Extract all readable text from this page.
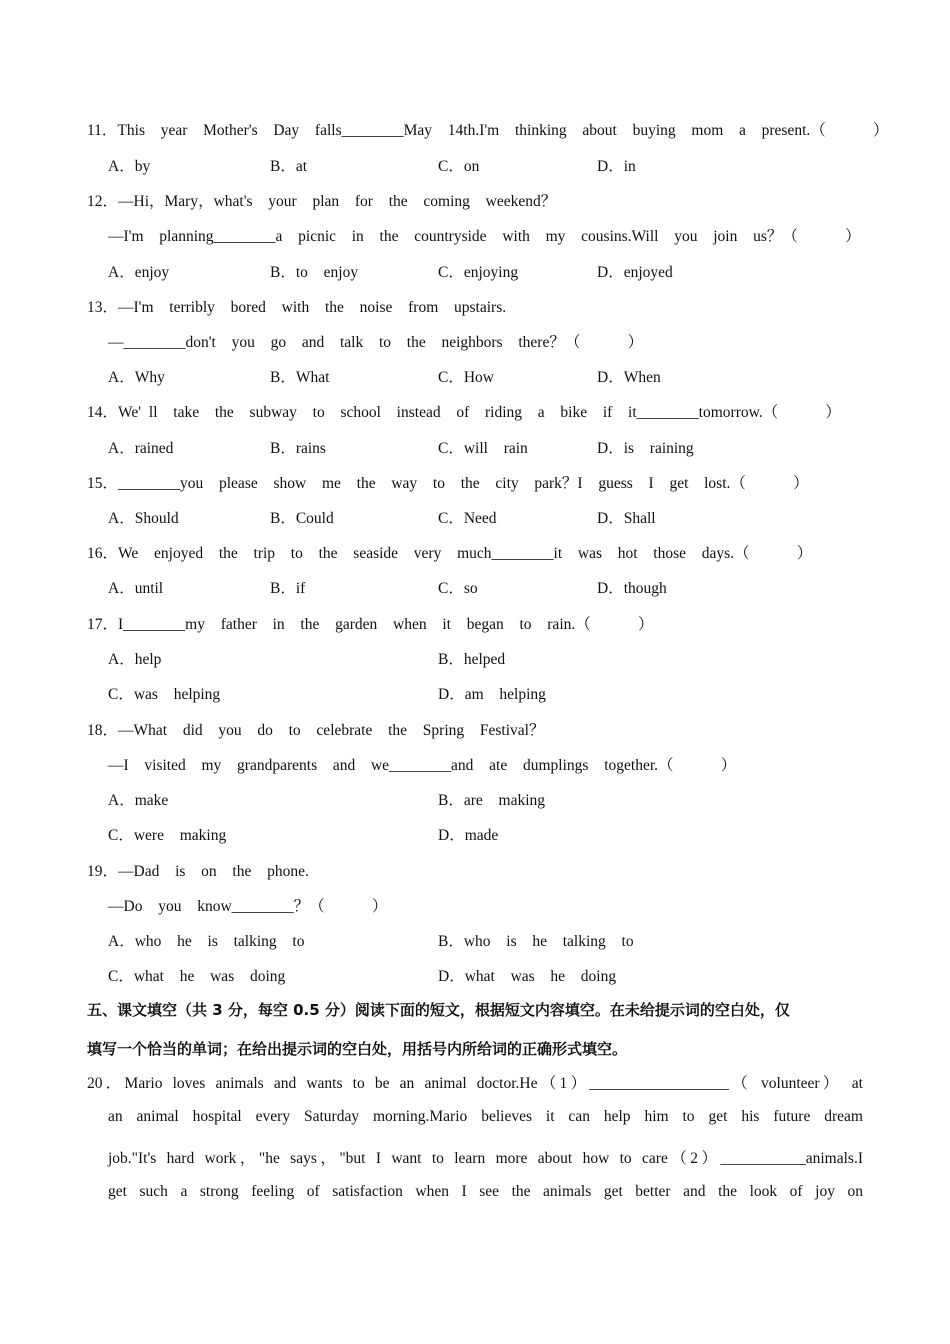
11．This  year  Mother's  Day  falls________May  14th.I'm  thinking  about  buying  mom  a  present.（      ）
A．by	B．at	C．on	D．in
12．—Hi，Mary，what's  your  plan  for  the  coming  weekend？
—I'm  planning________a  picnic  in  the  countryside  with  my  cousins.Will  you  join  us？（      ）
A．enjoy	B．to  enjoy	C．enjoying	D．enjoyed
13．—I'm  terribly  bored  with  the  noise  from  upstairs.
—________don't  you  go  and  talk  to  the  neighbors  there？（      ）
A．Why	B．What	C．How	D．When
14．We' ll  take  the  subway  to  school  instead  of  riding  a  bike  if  it________tomorrow.（      ）
A．rained	B．rains	C．will  rain	D．is  raining
15．________you  please  show  me  the  way  to  the  city  park？I  guess  I  get  lost.（      ）
A．Should	B．Could	C．Need	D．Shall
16．We  enjoyed  the  trip  to  the  seaside  very  much________it  was  hot  those  days.（      ）
A．until	B．if	C．so	D．though
17．I________my  father  in  the  garden  when  it  began  to  rain.（      ）
A．help	B．helped
C．was  helping	D．am  helping
18．—What  did  you  do  to  celebrate  the  Spring  Festival？
—I  visited  my  grandparents  and  we________and  ate  dumplings  together.（      ）
A．make	B．are  making
C．were  making	D．made
19．—Dad  is  on  the  phone.
—Do  you  know________？（      ）
A．who  he  is  talking  to	B．who  is  he  talking  to
C．what  he  was  doing	D．what  was  he  doing
五、课文填空（共 3 分，每空 0.5 分）阅读下面的短文，根据短文内容填空。在未给提示词的空白处，仅
填写一个恰当的单词；在给出提示词的空白处，用括号内所给词的正确形式填空。
20．Mario loves animals and wants to be an animal doctor.He（1）__________________（ volunteer） at
an animal hospital every Saturday morning.Mario believes it can help him to get his future dream
job."It's hard work，"he says，"but I want to learn more about how to care（2）___________animals.I
get such a strong feeling of satisfaction when I see the animals get better and the look of joy on
